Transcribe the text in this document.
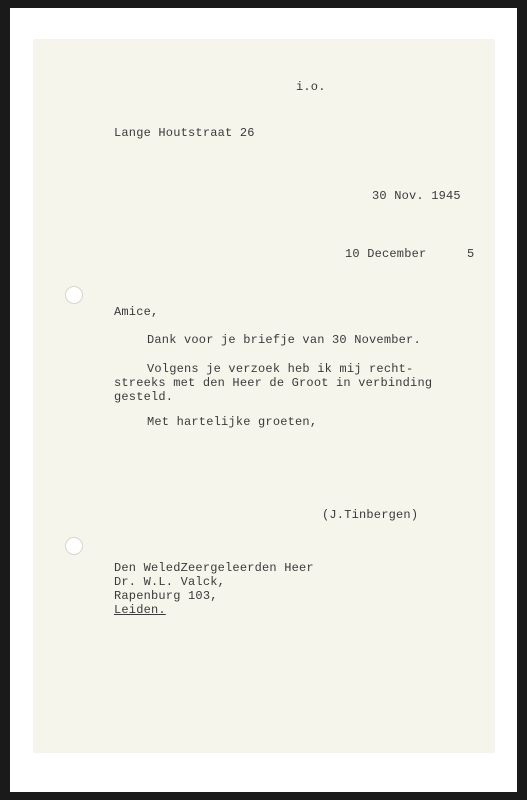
i.o.
Lange Houtstraat 26
30 Nov. 1945
10 December	5
Amice,
Dank voor je briefje van 30 November.
Volgens je verzoek heb ik mij recht-
streeks met den Heer de Groot in verbinding
gesteld.
Met hartelijke groeten,
(J.Tinbergen)
Den WeledZeergeleerden Heer
Dr. W.L. Valck,
Rapenburg 103,
Leiden.
